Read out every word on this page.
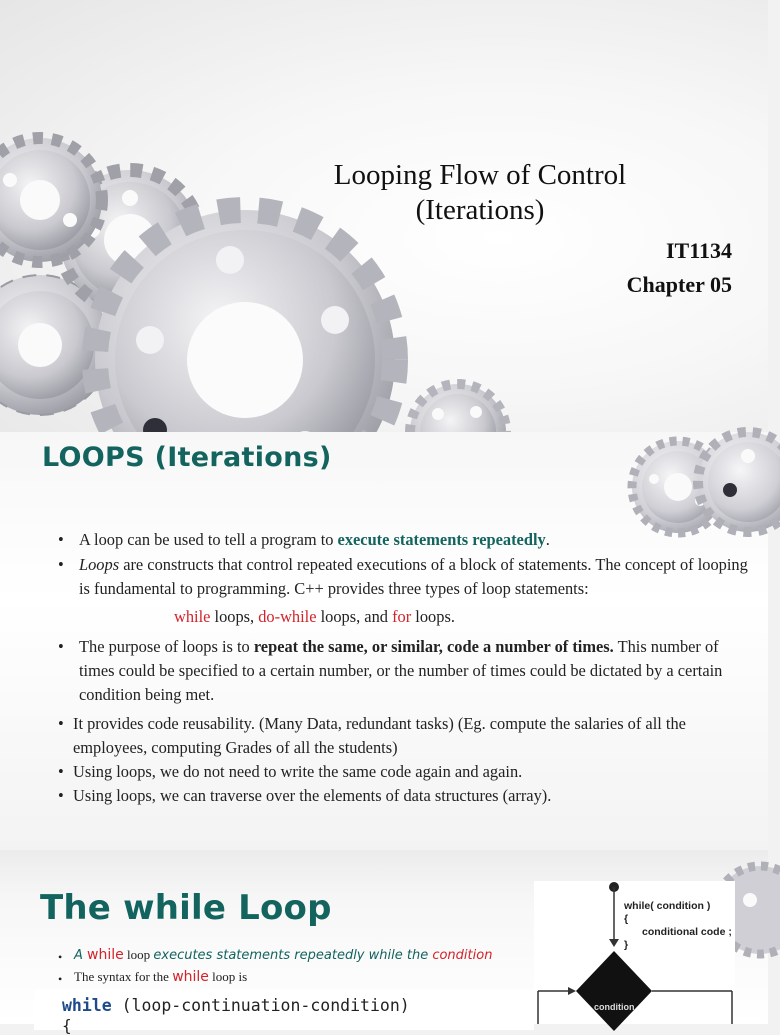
Looping Flow of Control
(Iterations)
IT1134
Chapter 05
LOOPS (Iterations)
• A loop can be used to tell a program to execute statements repeatedly.
• Loops are constructs that control repeated executions of a block of statements. The concept of looping is fundamental to programming. C++ provides three types of loop statements:
while loops, do-while loops, and for loops.
• The purpose of loops is to repeat the same, or similar, code a number of times. This number of times could be specified to a certain number, or the number of times could be dictated by a certain condition being met.
• It provides code reusability. (Many Data, redundant tasks) (Eg. compute the salaries of all the employees, computing Grades of all the students)
• Using loops, we do not need to write the same code again and again.
• Using loops, we can traverse over the elements of data structures (array).
The while Loop
• A while loop executes statements repeatedly while the condition
• The syntax for the while loop is
while (loop-continuation-condition)
{
while( condition )
{
conditional code ;
}
condition
